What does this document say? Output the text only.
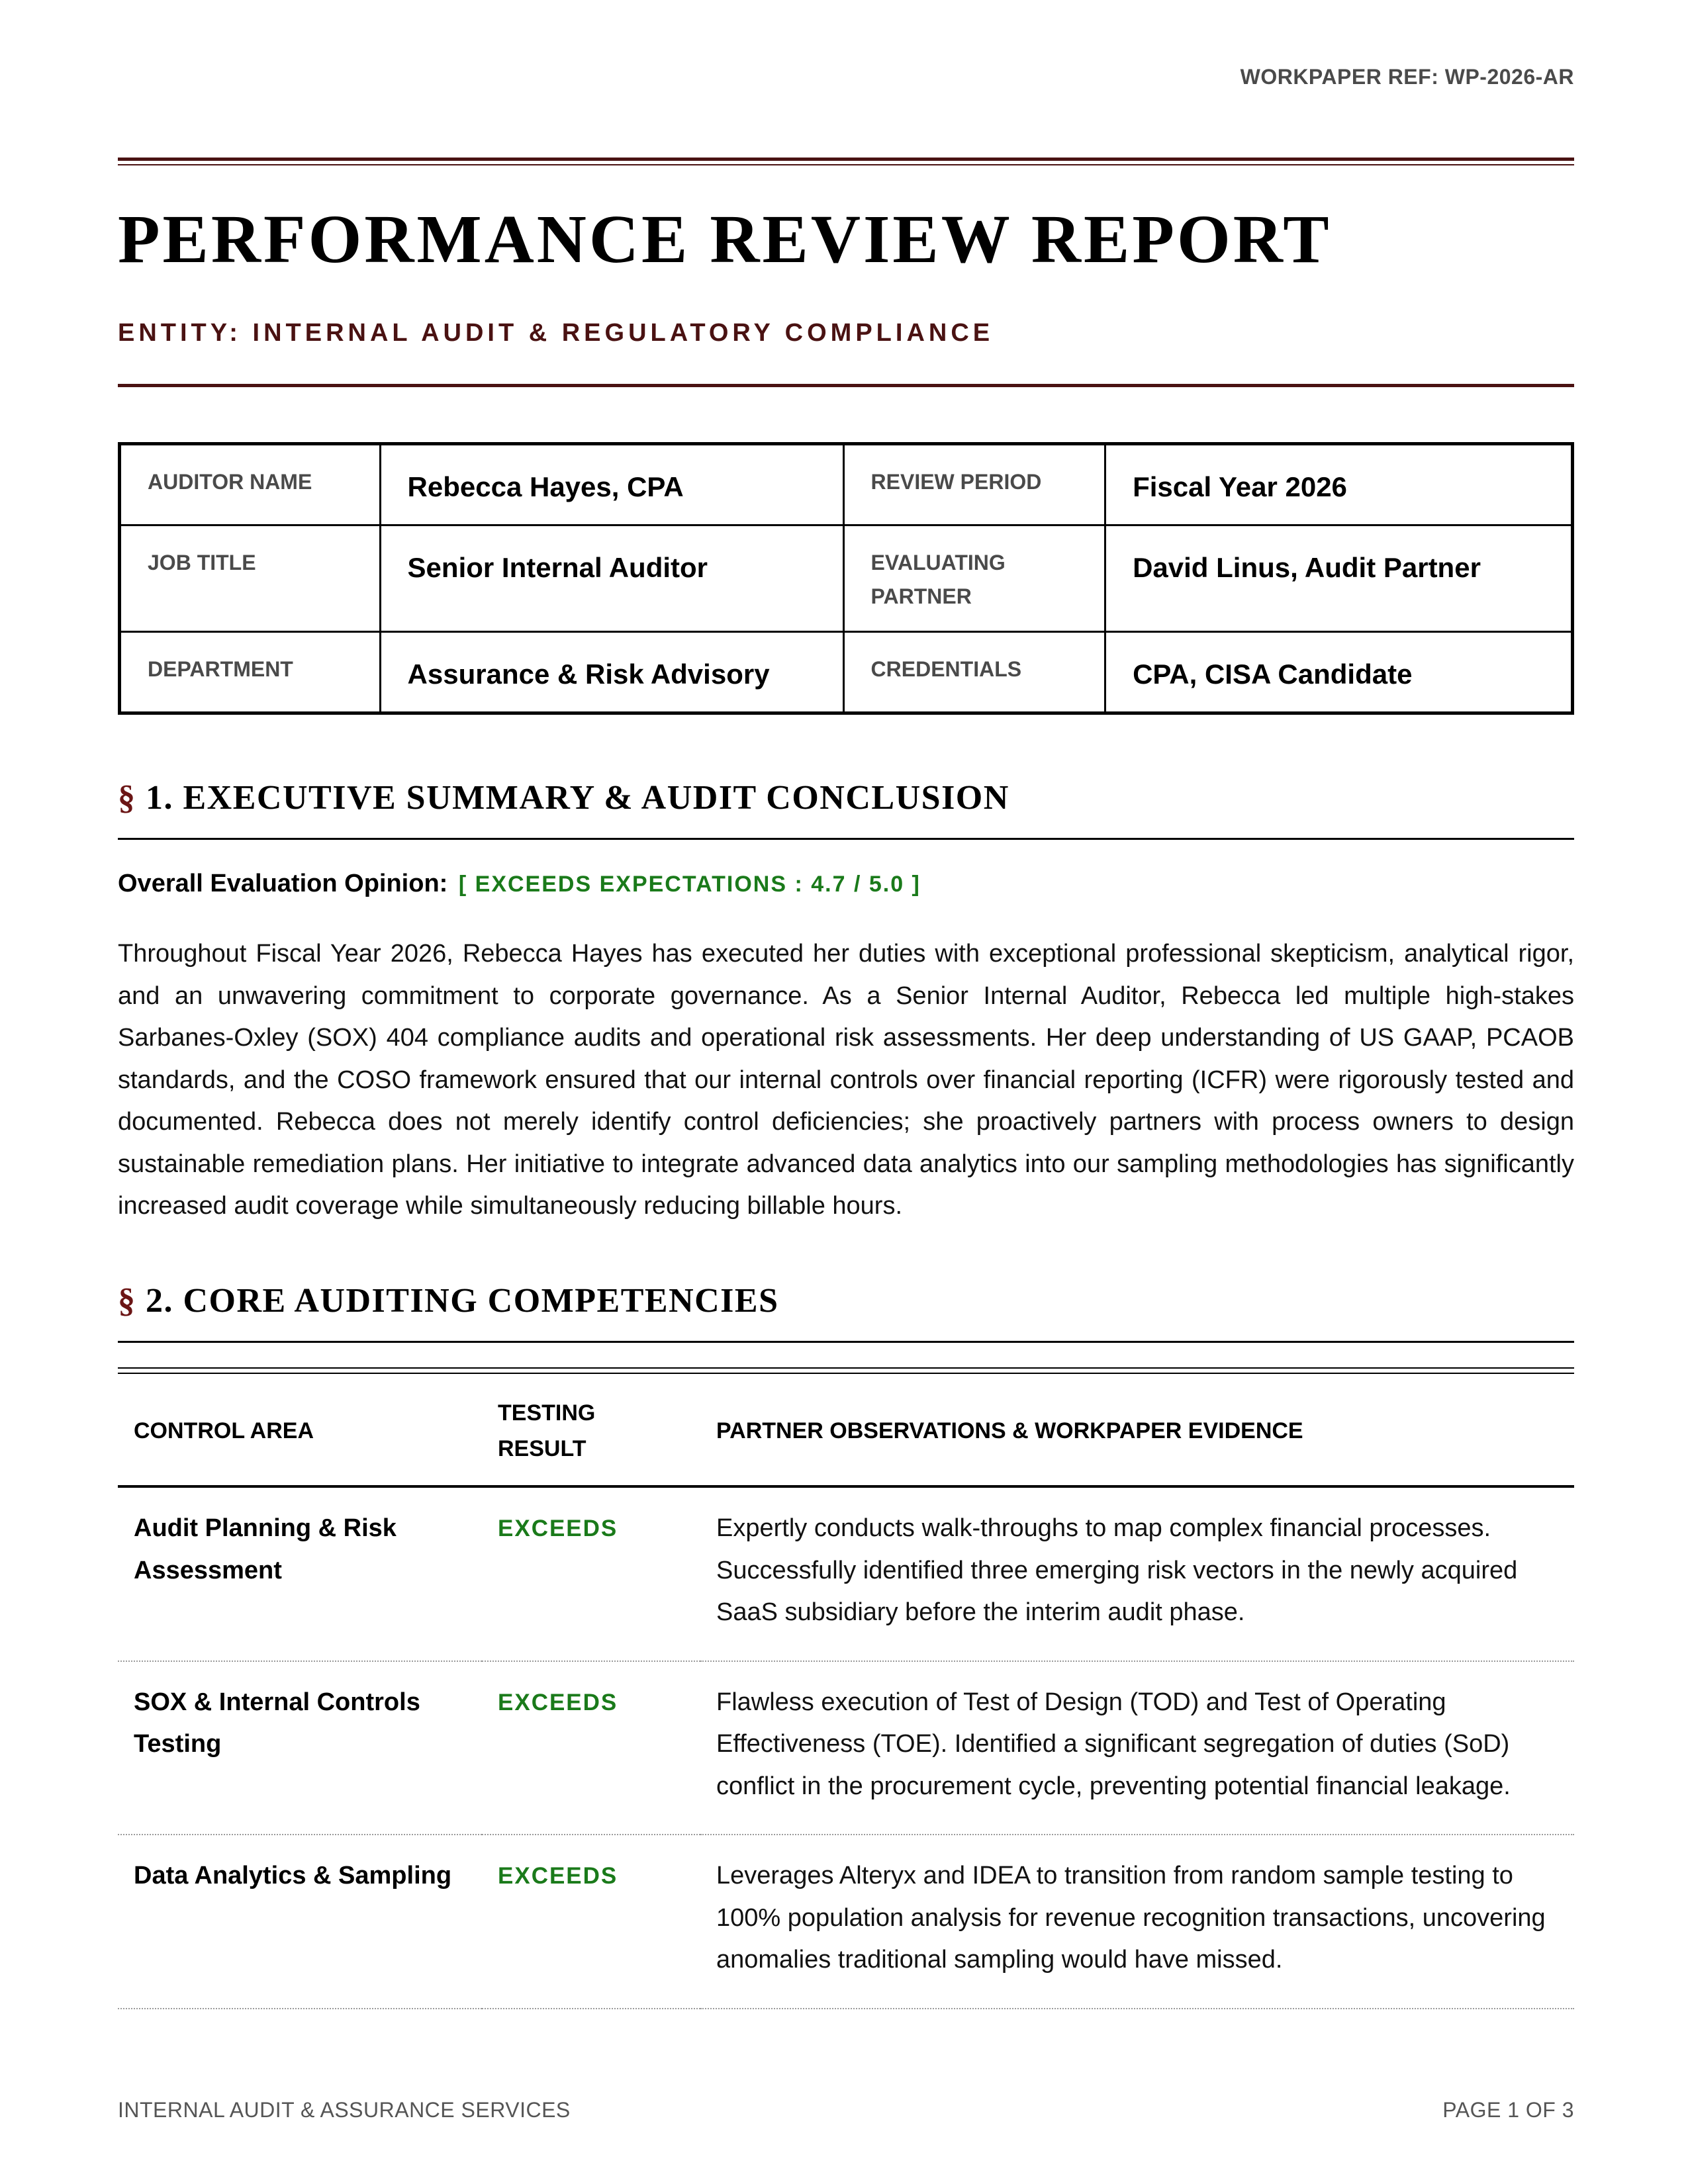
WORKPAPER REF: WP-2026-AR
PERFORMANCE REVIEW REPORT
ENTITY: INTERNAL AUDIT & REGULATORY COMPLIANCE
AUDITOR NAME	Rebecca Hayes, CPA	REVIEW PERIOD	Fiscal Year 2026
JOB TITLE	Senior Internal Auditor	EVALUATING PARTNER	David Linus, Audit Partner
DEPARTMENT	Assurance & Risk Advisory	CREDENTIALS	CPA, CISA Candidate
§ 1. EXECUTIVE SUMMARY & AUDIT CONCLUSION
Overall Evaluation Opinion: [ EXCEEDS EXPECTATIONS : 4.7 / 5.0 ]

Throughout Fiscal Year 2026, Rebecca Hayes has executed her duties with exceptional professional skepticism, analytical rigor, and an unwavering commitment to corporate governance. As a Senior Internal Auditor, Rebecca led multiple high-stakes Sarbanes-Oxley (SOX) 404 compliance audits and operational risk assessments. Her deep understanding of US GAAP, PCAOB standards, and the COSO framework ensured that our internal controls over financial reporting (ICFR) were rigorously tested and documented. Rebecca does not merely identify control deficiencies; she proactively partners with process owners to design sustainable remediation plans. Her initiative to integrate advanced data analytics into our sampling methodologies has significantly increased audit coverage while simultaneously reducing billable hours.

§ 2. CORE AUDITING COMPETENCIES
CONTROL AREA	TESTING RESULT	PARTNER OBSERVATIONS & WORKPAPER EVIDENCE
Audit Planning & Risk Assessment	EXCEEDS	Expertly conducts walk-throughs to map complex financial processes. Successfully identified three emerging risk vectors in the newly acquired SaaS subsidiary before the interim audit phase.
SOX & Internal Controls Testing	EXCEEDS	Flawless execution of Test of Design (TOD) and Test of Operating Effectiveness (TOE). Identified a significant segregation of duties (SoD) conflict in the procurement cycle, preventing potential financial leakage.
Data Analytics & Sampling	EXCEEDS	Leverages Alteryx and IDEA to transition from random sample testing to 100% population analysis for revenue recognition transactions, uncovering anomalies traditional sampling would have missed.
INTERNAL AUDIT & ASSURANCE SERVICES	PAGE 1 OF 3
